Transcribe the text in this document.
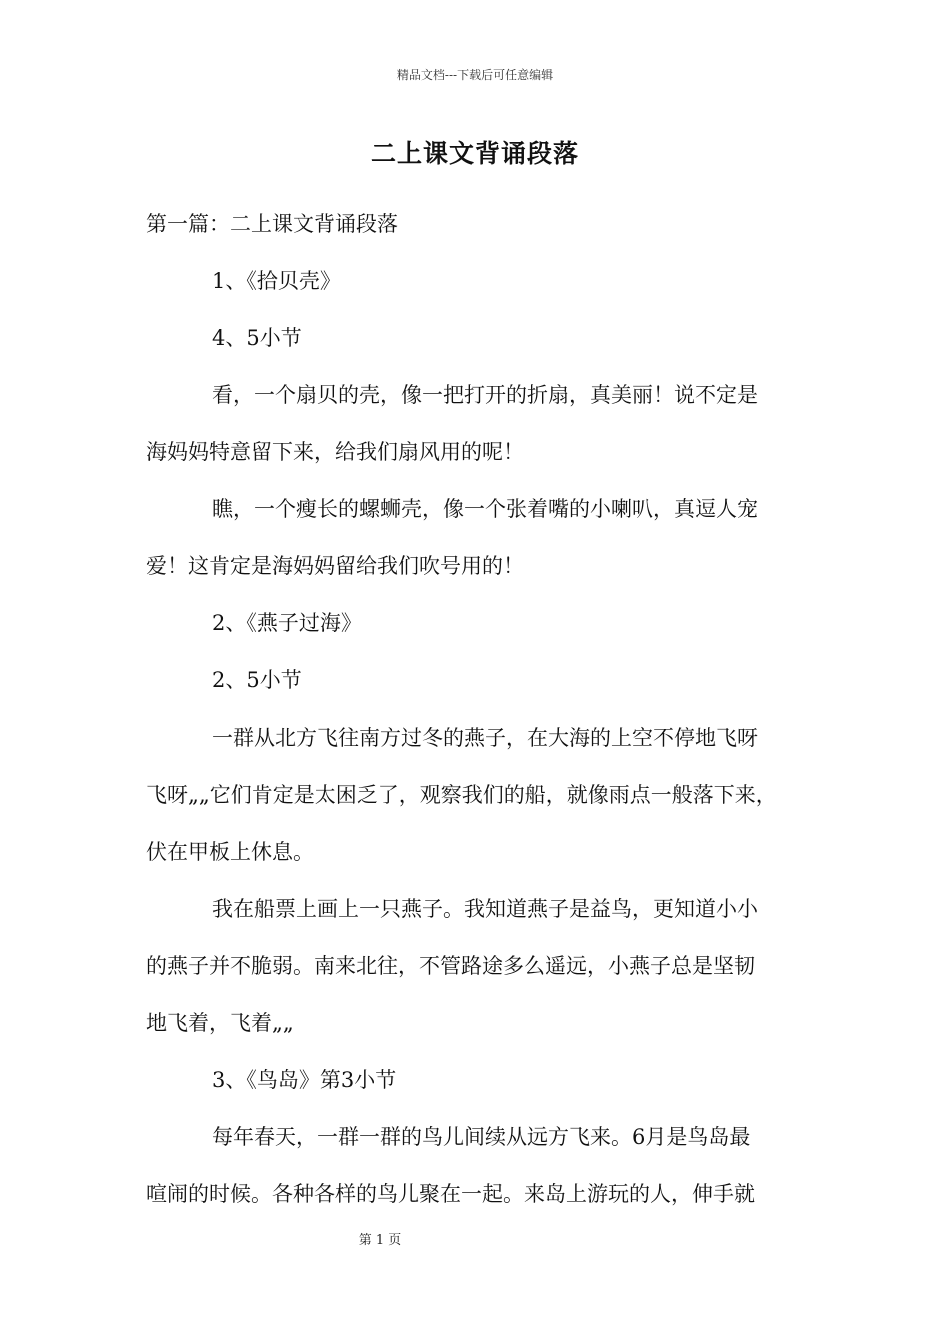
精品文档---下载后可任意编辑
二上课文背诵段落
第一篇：二上课文背诵段落
1、《拾贝壳》
4、5小节
看，一个扇贝的壳，像一把打开的折扇，真美丽！说不定是
海妈妈特意留下来，给我们扇风用的呢！
瞧，一个瘦长的螺蛳壳，像一个张着嘴的小喇叭，真逗人宠
爱！这肯定是海妈妈留给我们吹号用的！
2、《燕子过海》
2、5小节
一群从北方飞往南方过冬的燕子，在大海的上空不停地飞呀
飞呀„„它们肯定是太困乏了，观察我们的船，就像雨点一般落下来，
伏在甲板上休息。
我在船票上画上一只燕子。我知道燕子是益鸟，更知道小小
的燕子并不脆弱。南来北往，不管路途多么遥远，小燕子总是坚韧
地飞着，飞着„„
3、《鸟岛》第3小节
每年春天，一群一群的鸟儿间续从远方飞来。6月是鸟岛最
喧闹的时候。各种各样的鸟儿聚在一起。来岛上游玩的人，伸手就
第 1 页
